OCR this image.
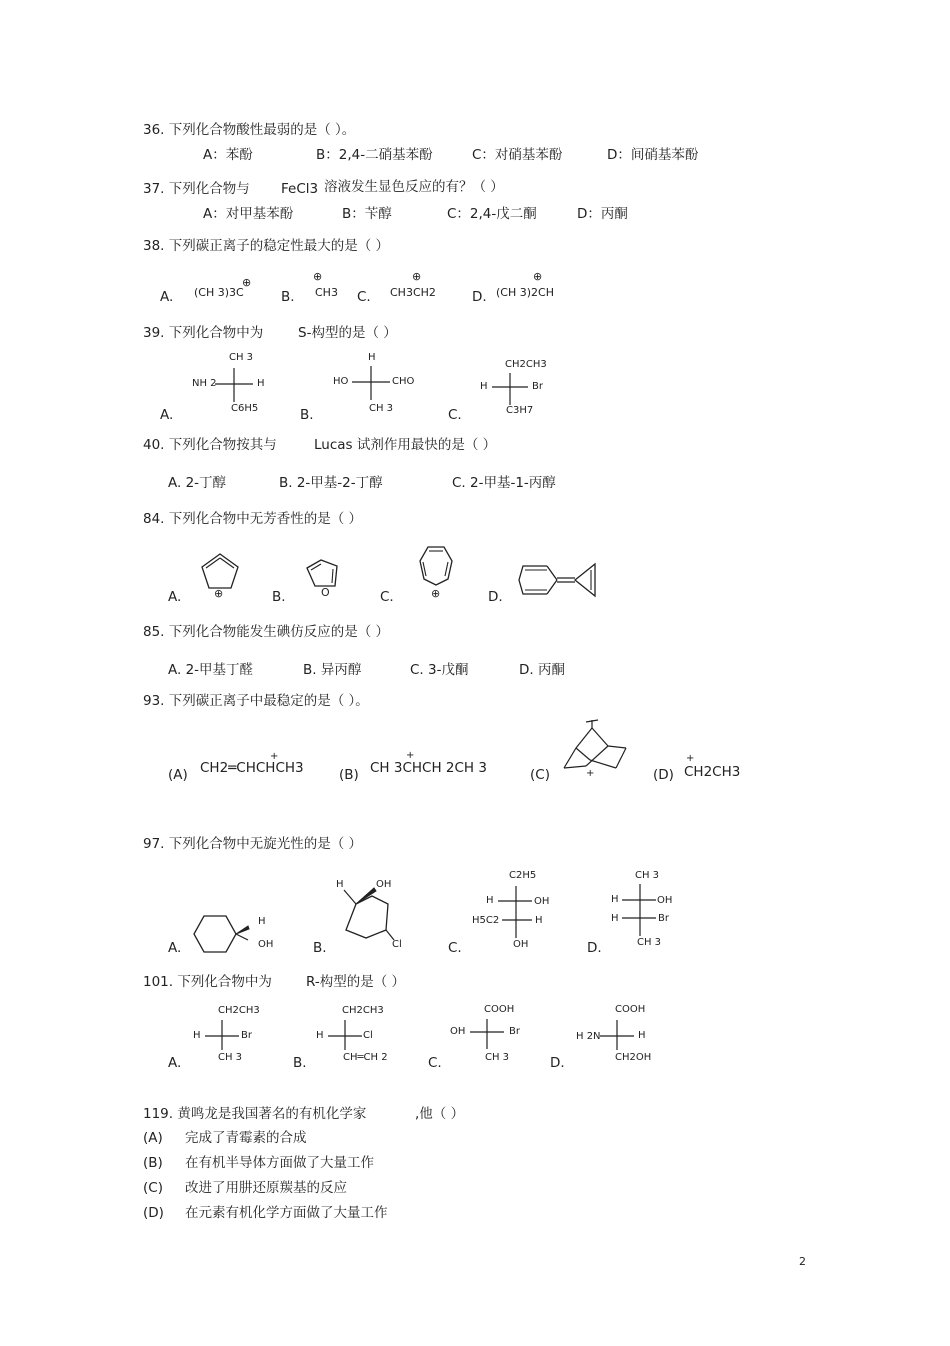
36. 下列化合物酸性最弱的是（ ）。
A：苯酚	B：2,4-二硝基苯酚	C：对硝基苯酚	D：间硝基苯酚
37. 下列化合物与 FeCl3 溶液发生显色反应的有？（ ）
A：对甲基苯酚	B：苄醇	C：2,4-戊二酮	D：丙酮
38. 下列碳正离子的稳定性最大的是（ ）
A. (CH 3)3C
⊕
B.
⊕
CH3 C.
⊕
CH3CH2	D.
⊕
(CH 3)2CH
39. 下列化合物中为	S-构型的是（ ）
A.	B.	C.
CH 3
NH 2	H
C6H5
H
HO	CHO
CH 3
CH2CH3
H	Br
C3H7
40. 下列化合物按其与	Lucas 试剂作用最快的是（ ）
A. 2-丁醇	B. 2-甲基-2-丁醇	C. 2-甲基-1-丙醇
84. 下列化合物中无芳香性的是（ ）
A.	B.	C.	D.
⊕	O	⊕
85. 下列化合物能发生碘仿反应的是（ ）
A. 2-甲基丁醛	B. 异丙醇	C. 3-戊酮	D. 丙酮
93. 下列碳正离子中最稳定的是（ ）。
(A) CH2═CHCHCH3
+
(B) CH 3CHCH 2CH 3
+
(C)	+	(D) CH2CH3
+
97. 下列化合物中无旋光性的是（ ）
A.	B.	C.	D.
H
OH
H	OH
Cl
C2H5
H	OH
H5C2	H
OH
CH 3
H	OH
H	Br
CH 3
101. 下列化合物中为	R-构型的是（ ）
A.	B.	C.	D.
CH2CH3
H	Br
CH 3
CH2CH3
H	Cl
CH═CH 2
COOH
OH	Br
CH 3
COOH
H 2N	H
CH2OH
119. 黄鸣龙是我国著名的有机化学家	,他（ ）
(A) 完成了青霉素的合成
(B) 在有机半导体方面做了大量工作
(C) 改进了用肼还原羰基的反应
(D) 在元素有机化学方面做了大量工作
2
